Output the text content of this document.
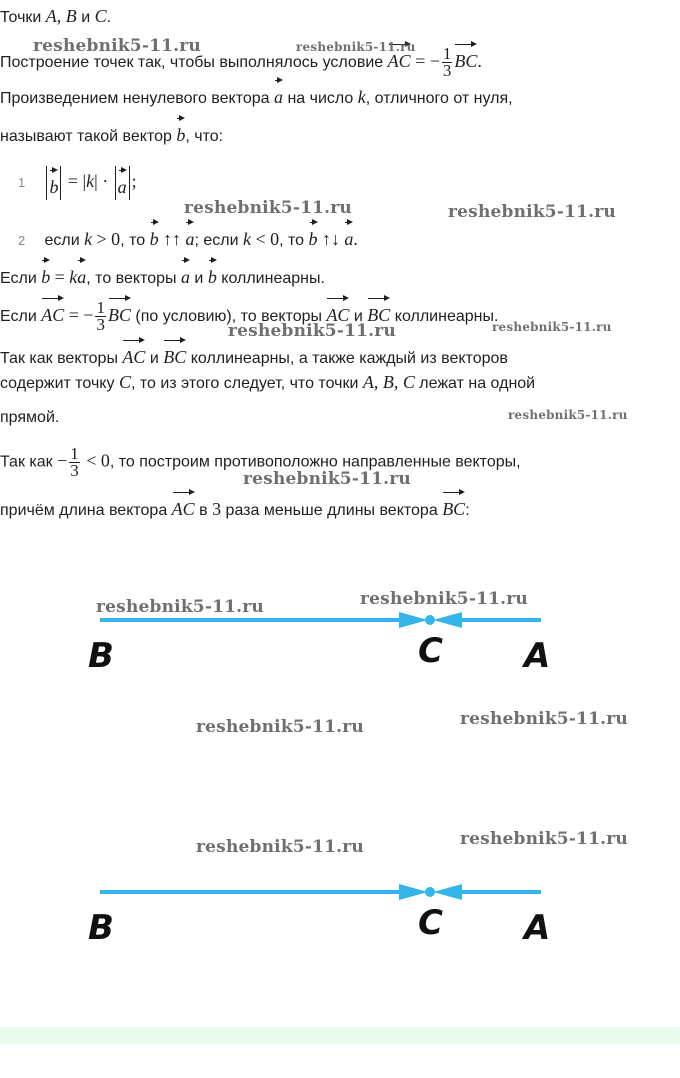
Точки A, B и C.
Построение точек так, чтобы выполнялось условие AC = − $\frac{1}{3}$ BC.
Произведением ненулевого вектора a на число k, отличного от нуля,
называют такой вектор b, что:
1 b = |k| · a ;
2 если k > 0, то b ↑↑ a; если k < 0, то b ↑↓ a.
Если b = ka, то векторы a и b коллинеарны.
Если AC = − $\frac{1}{3}$ BC (по условию), то векторы AC и BC коллинеарны.
Так как векторы AC и BC коллинеарны, а также каждый из векторов
содержит точку C, то из этого следует, что точки A, B, C лежат на одной
прямой.
Так как − $\frac{1}{3} < 0$, то построим противоположно направленные векторы,
причём длина вектора AC в 3 раза меньше длины вектора BC:
B	C A
B	C A
reshebnik5-11.ru	reshebnik5-11.ru
reshebnik5-11.ru	reshebnik5-11.ru
reshebnik5-11.ru	reshebnik5-11.ru
reshebnik5-11.ru
reshebnik5-11.ru
reshebnik5-11.ru	reshebnik5-11.ru
reshebnik5-11.ru	reshebnik5-11.ru
reshebnik5-11.ru	reshebnik5-11.ru
